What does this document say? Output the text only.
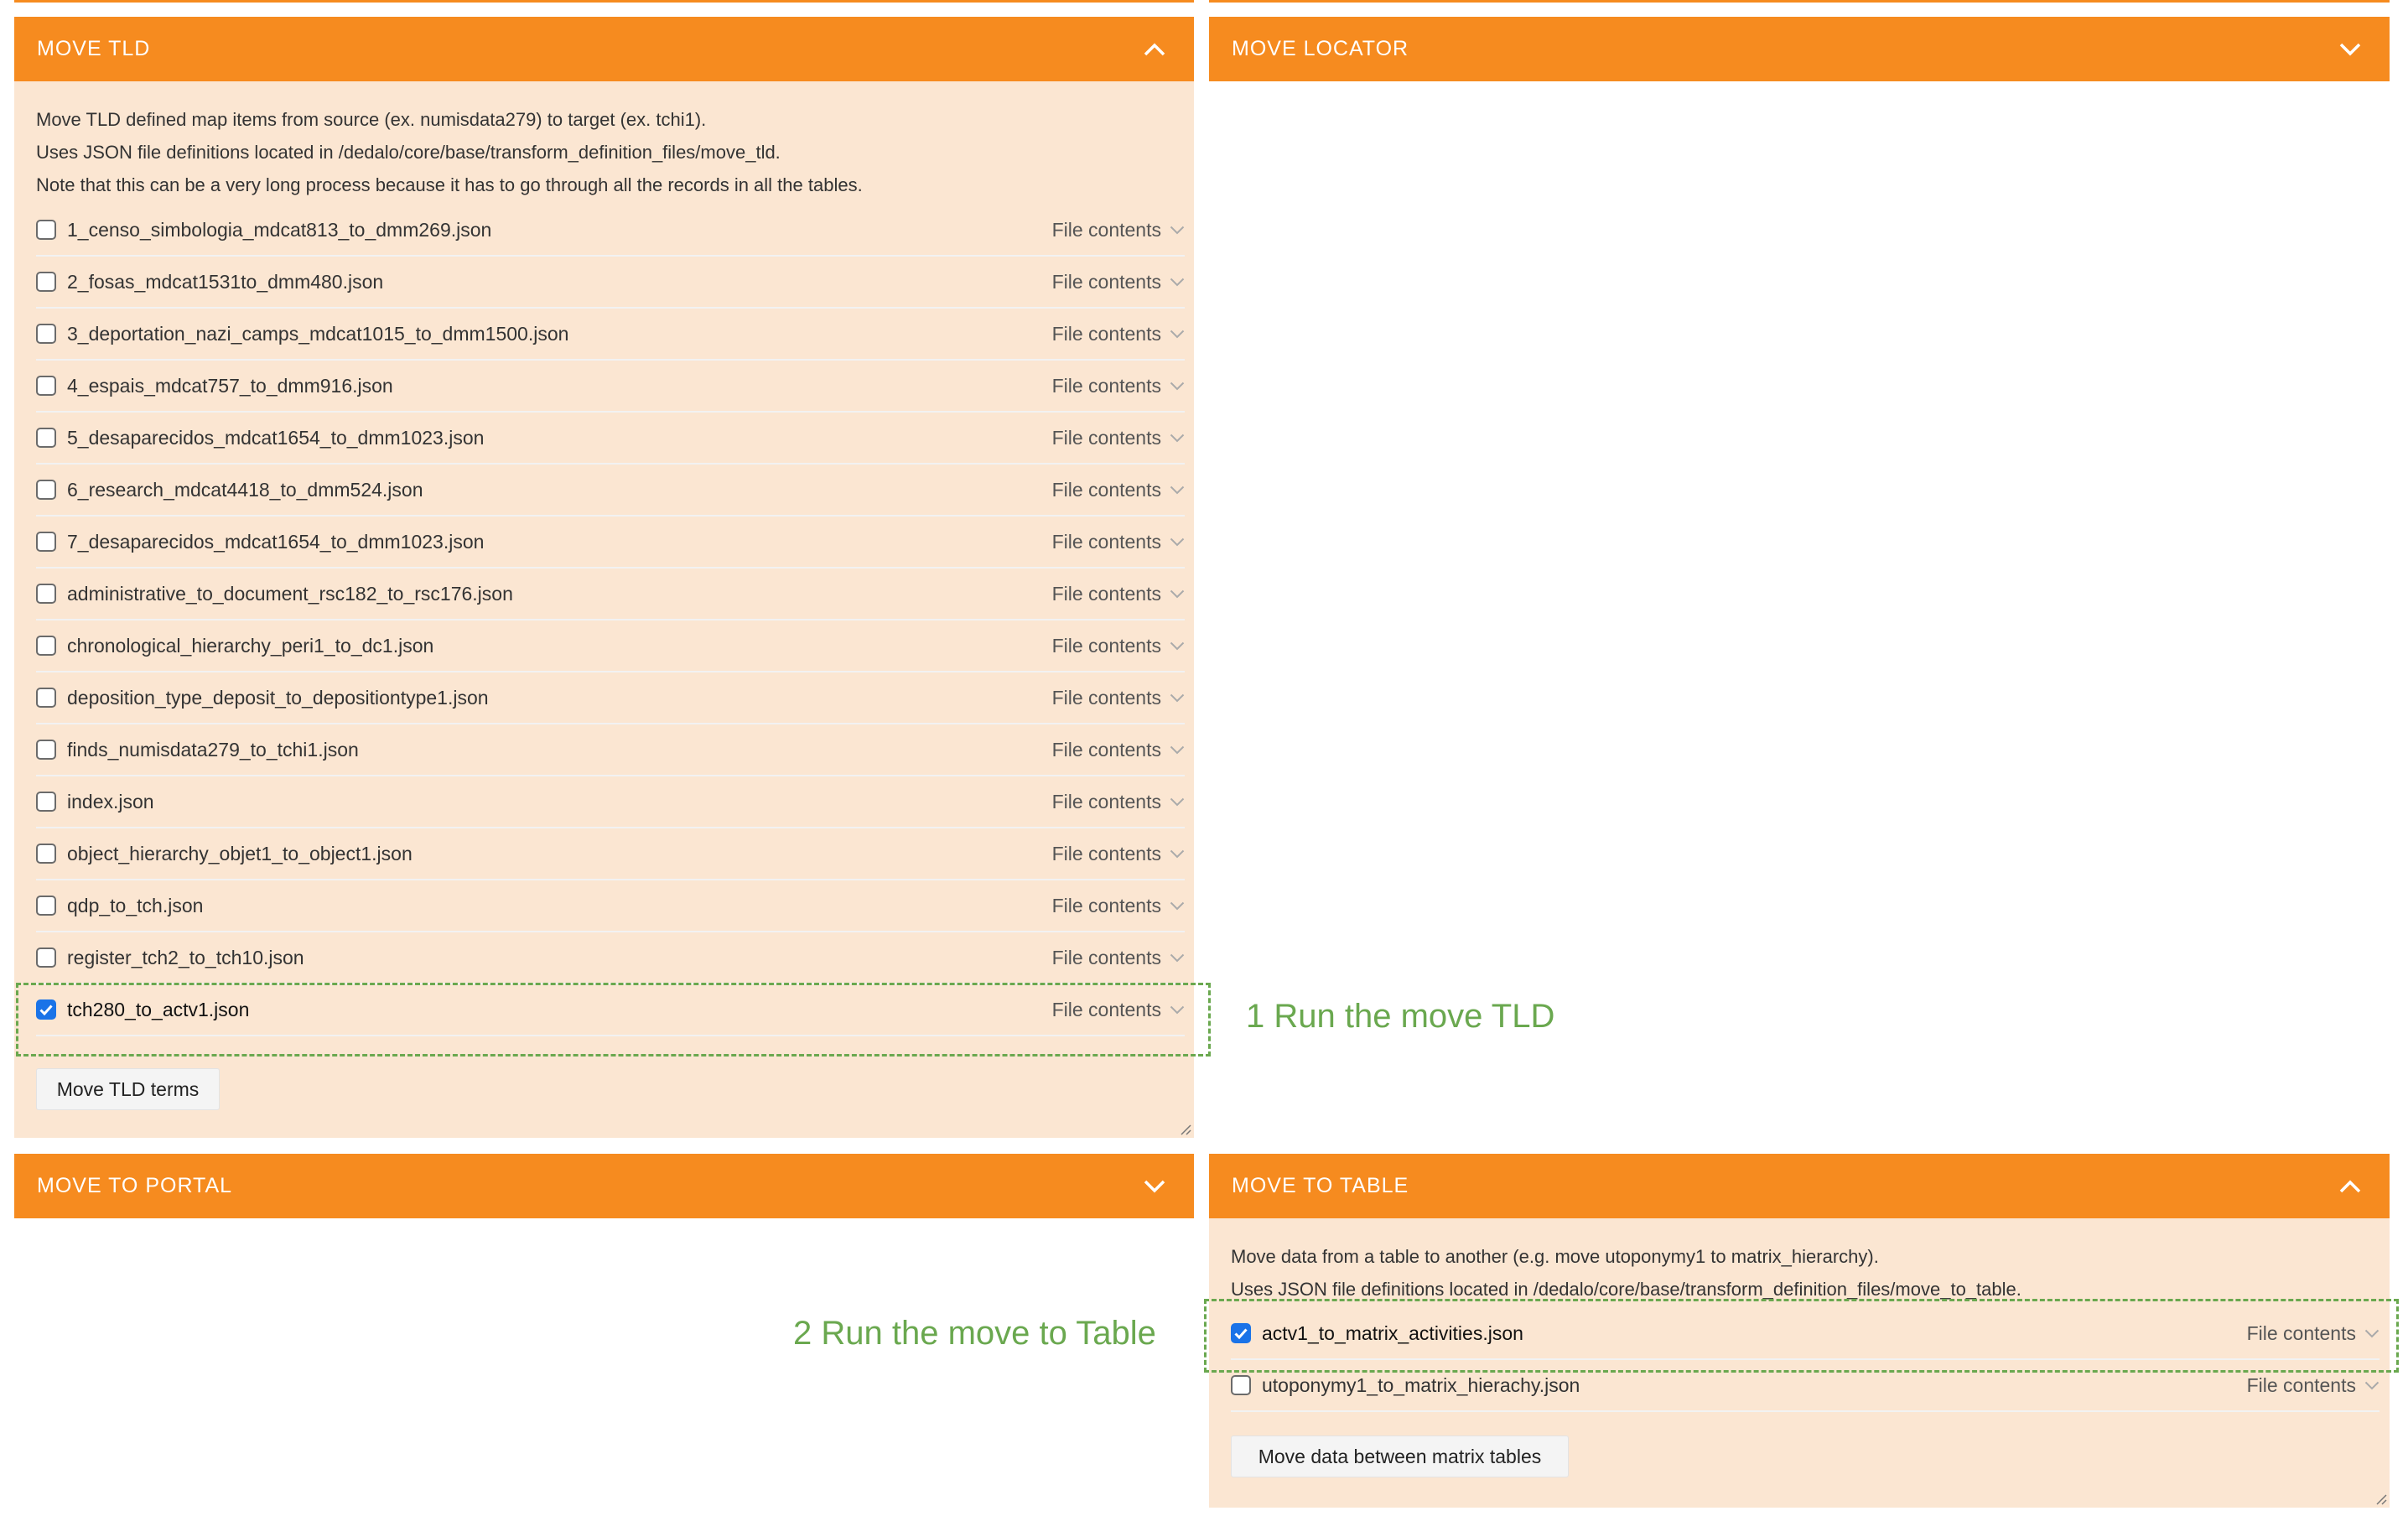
MOVE TLD

Move TLD defined map items from source (ex. numisdata279) to target (ex. tchi1).

Uses JSON file definitions located in /dedalo/core/base/transform_definition_files/move_tld.

Note that this can be a very long process because it has to go through all the records in all the tables.

1_censo_simbologia_mdcat813_to_dmm269.json	File contents
2_fosas_mdcat1531to_dmm480.json	File contents
3_deportation_nazi_camps_mdcat1015_to_dmm1500.json	File contents
4_espais_mdcat757_to_dmm916.json	File contents
5_desaparecidos_mdcat1654_to_dmm1023.json	File contents
6_research_mdcat4418_to_dmm524.json	File contents
7_desaparecidos_mdcat1654_to_dmm1023.json	File contents
administrative_to_document_rsc182_to_rsc176.json	File contents
chronological_hierarchy_peri1_to_dc1.json	File contents
deposition_type_deposit_to_depositiontype1.json	File contents
finds_numisdata279_to_tchi1.json	File contents
index.json	File contents
object_hierarchy_objet1_to_object1.json	File contents
qdp_to_tch.json	File contents
register_tch2_to_tch10.json	File contents
tch280_to_actv1.json	File contents
Move TLD terms
MOVE LOCATOR
MOVE TO PORTAL	MOVE TO TABLE

Move data from a table to another (e.g. move utoponymy1 to matrix_hierarchy).

Uses JSON file definitions located in /dedalo/core/base/transform_definition_files/move_to_table.

actv1_to_matrix_activities.json	File contents
utoponymy1_to_matrix_hierachy.json	File contents
Move data between matrix tables
1 Run the move TLD
2 Run the move to Table
